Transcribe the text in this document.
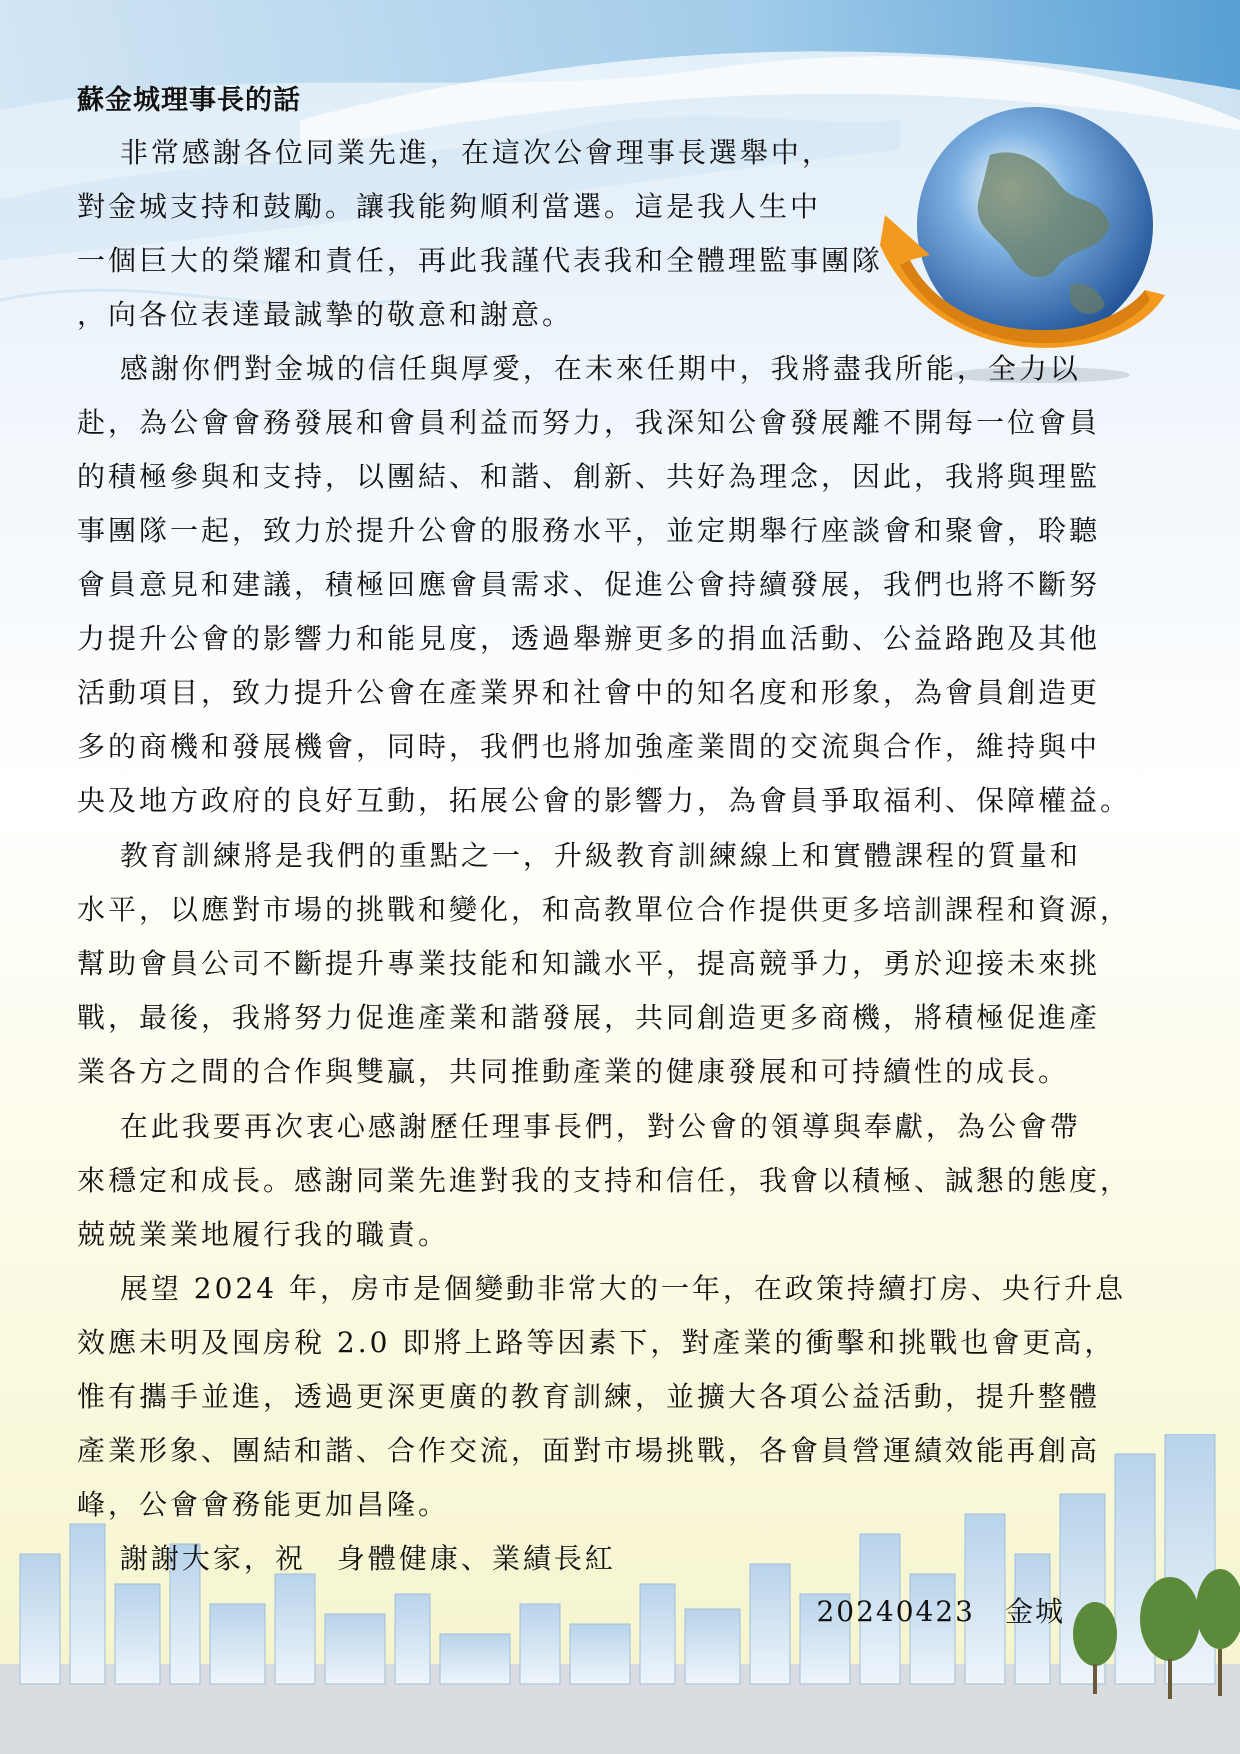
蘇金城理事長的話

　 非常感謝各位同業先進，在這次公會理事長選舉中，
對金城支持和鼓勵。讓我能夠順利當選。這是我人生中
一個巨大的榮耀和責任，再此我謹代表我和全體理監事團隊
，向各位表達最誠摯的敬意和謝意。

　 感謝你們對金城的信任與厚愛，在未來任期中，我將盡我所能，全力以
赴，為公會會務發展和會員利益而努力，我深知公會發展離不開每一位會員
的積極參與和支持，以團結、和諧、創新、共好為理念，因此，我將與理監
事團隊一起，致力於提升公會的服務水平，並定期舉行座談會和聚會，聆聽
會員意見和建議，積極回應會員需求、促進公會持續發展，我們也將不斷努
力提升公會的影響力和能見度，透過舉辦更多的捐血活動、公益路跑及其他
活動項目，致力提升公會在產業界和社會中的知名度和形象，為會員創造更
多的商機和發展機會，同時，我們也將加強產業間的交流與合作，維持與中
央及地方政府的良好互動，拓展公會的影響力，為會員爭取福利、保障權益。

　 教育訓練將是我們的重點之一，升級教育訓練線上和實體課程的質量和
水平，以應對市場的挑戰和變化，和高教單位合作提供更多培訓課程和資源，
幫助會員公司不斷提升專業技能和知識水平，提高競爭力，勇於迎接未來挑
戰，最後，我將努力促進產業和諧發展，共同創造更多商機，將積極促進產
業各方之間的合作與雙贏，共同推動產業的健康發展和可持續性的成長。

　 在此我要再次衷心感謝歷任理事長們，對公會的領導與奉獻，為公會帶
來穩定和成長。感謝同業先進對我的支持和信任，我會以積極、誠懇的態度，
兢兢業業地履行我的職責。

　 展望 2024 年，房市是個變動非常大的一年，在政策持續打房、央行升息
效應未明及囤房稅 2.0 即將上路等因素下，對產業的衝擊和挑戰也會更高，
惟有攜手並進，透過更深更廣的教育訓練，並擴大各項公益活動，提升整體
產業形象、團結和諧、合作交流，面對市場挑戰，各會員營運績效能再創高
峰，公會會務能更加昌隆。

　 謝謝大家，祝　身體健康、業績長紅

20240423　金城
